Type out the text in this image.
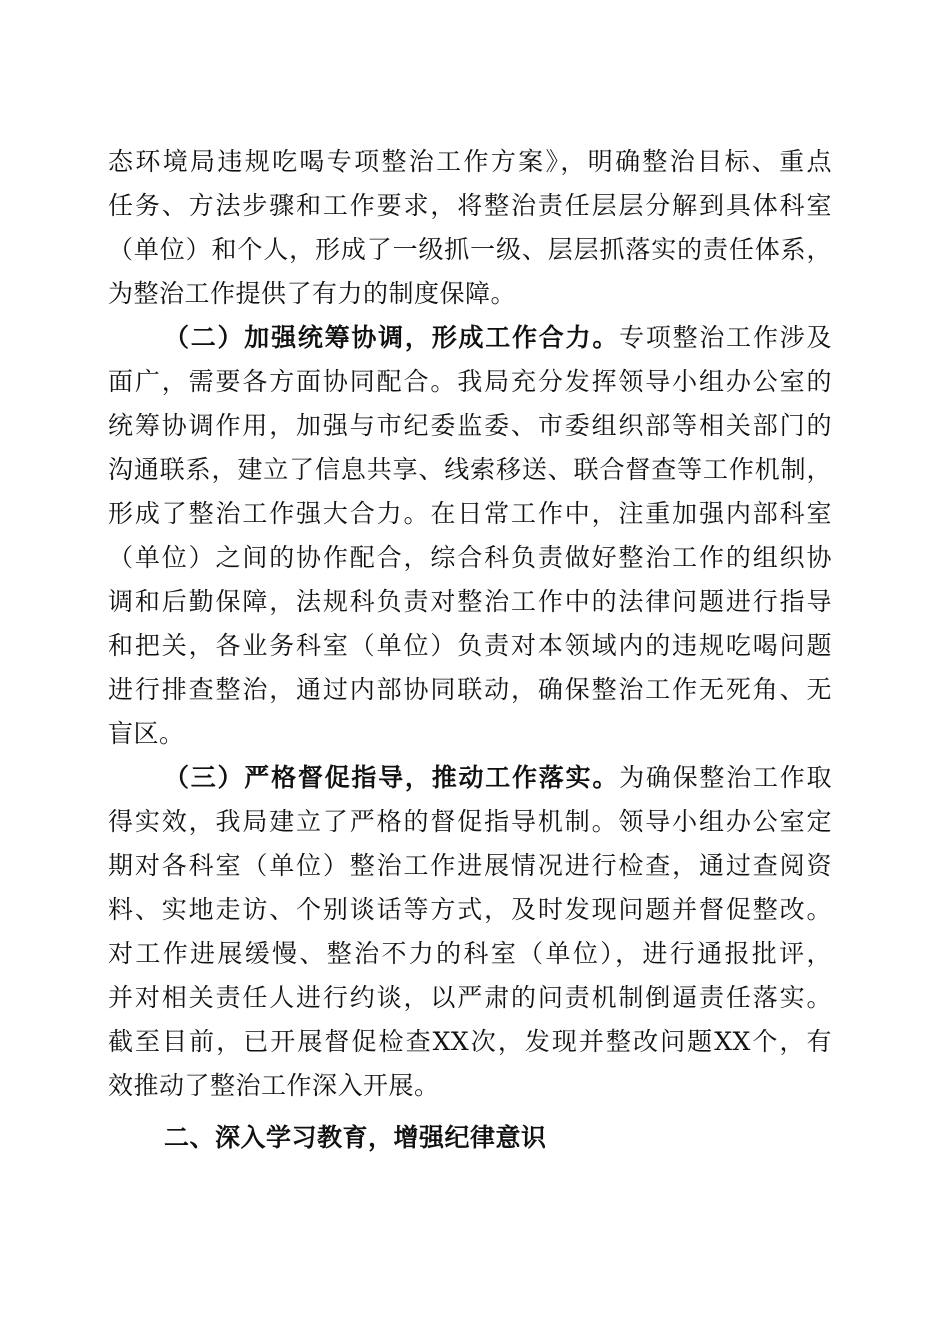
态环境局违规吃喝专项整治工作方案》，明确整治目标、重点
任务、方法步骤和工作要求，将整治责任层层分解到具体科室
（单位）和个人，形成了一级抓一级、层层抓落实的责任体系，
为整治工作提供了有力的制度保障。
（二）加强统筹协调，形成工作合力。专项整治工作涉及
面广，需要各方面协同配合。我局充分发挥领导小组办公室的
统筹协调作用，加强与市纪委监委、市委组织部等相关部门的
沟通联系，建立了信息共享、线索移送、联合督查等工作机制，
形成了整治工作强大合力。在日常工作中，注重加强内部科室
（单位）之间的协作配合，综合科负责做好整治工作的组织协
调和后勤保障，法规科负责对整治工作中的法律问题进行指导
和把关，各业务科室（单位）负责对本领域内的违规吃喝问题
进行排查整治，通过内部协同联动，确保整治工作无死角、无
盲区。
（三）严格督促指导，推动工作落实。为确保整治工作取
得实效，我局建立了严格的督促指导机制。领导小组办公室定
期对各科室（单位）整治工作进展情况进行检查，通过查阅资
料、实地走访、个别谈话等方式，及时发现问题并督促整改。
对工作进展缓慢、整治不力的科室（单位），进行通报批评，
并对相关责任人进行约谈，以严肃的问责机制倒逼责任落实。
截至目前，已开展督促检查XX次，发现并整改问题XX个，有
效推动了整治工作深入开展。
二、深入学习教育，增强纪律意识
